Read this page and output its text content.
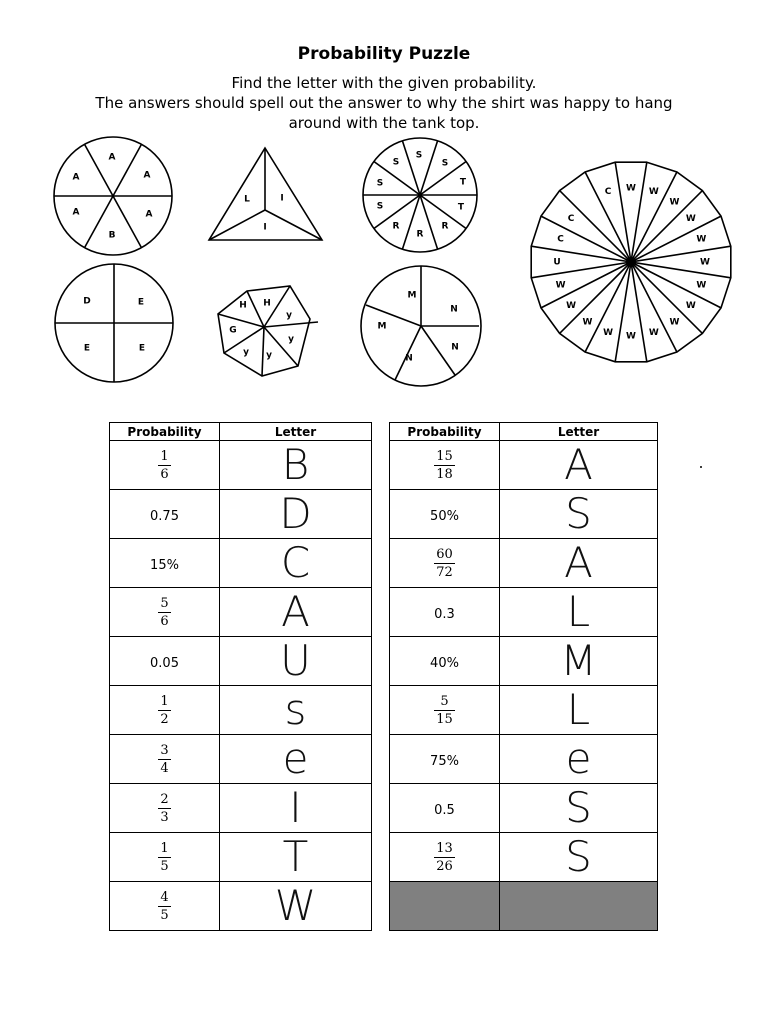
Probability Puzzle
Find the letter with the given probability.
The answers should spell out the answer to why the shirt was happy to hang
around with the tank top.
A
A
A
B
A
A
L	I
I
S
S
T
T
R
R
R
S
S
S
C W W
W
W
W
W
W
W
W
W
W
W
W
W
W
U
C
C
D	E
E
E
H
y
y
y
y
G
H
M
N
N
N
M
Probability	Letter

$\frac{1}{6}$	B
0.75	D
15%	C

$\frac{5}{6}$	A
0.05	U

$\frac{1}{2}$	s

$\frac{3}{4}$	e

$\frac{2}{3}$	I

$\frac{1}{5}$	T

$\frac{4}{5}$	W
Probability	Letter

$\frac{15}{18}$	A
50%	S

$\frac{60}{72}$	A
0.3	L
40%	M

$\frac{5}{15}$	L
75%	e
0.5	S

$\frac{13}{26}$	S
